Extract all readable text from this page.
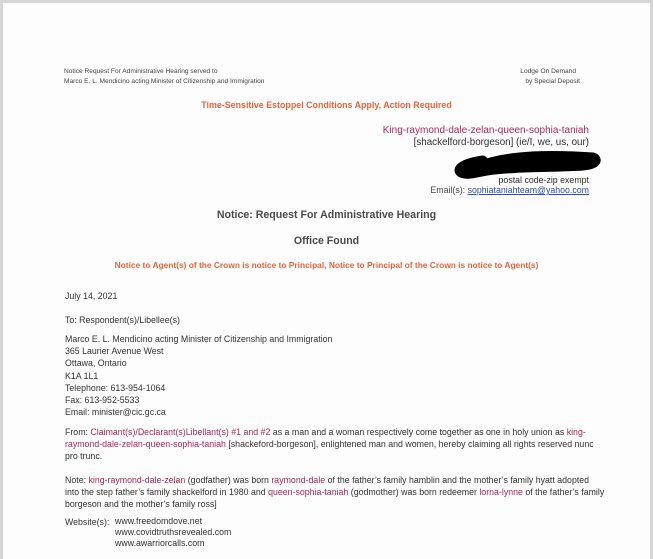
Notice Request For Administrative Hearing served to
Marco E. L. Mendicino acting Minister of Citizenship and Immigration
Lodge On Demand
by Special Deposit
Time-Sensitive Estoppel Conditions Apply, Action Required
King-raymond-dale-zelan-queen-sophia-taniah
[shackelford-borgeson] (ie/I, we, us, our)
postal code-zip exempt
Email(s): sophiataniahteam@yahoo.com
Notice: Request For Administrative Hearing
Office Found
Notice to Agent(s) of the Crown is notice to Principal, Notice to Principal of the Crown is notice to Agent(s)
July 14, 2021
To: Respondent(s)/Libellee(s)
Marco E. L. Mendicino acting Minister of Citizenship and Immigration
365 Laurier Avenue West
Ottawa, Ontario
K1A 1L1
Telephone: 613-954-1064
Fax: 613-952-5533
Email: minister@cic.gc.ca
From: Claimant(s)/Declarant(s)Libellant(s) #1 and #2 as a man and a woman respectively come together as one in holy union as king-raymond-dale-zelan-queen-sophia-taniah [shackeford-borgeson], enlightened man and women, hereby claiming all rights reserved nunc pro trunc.
Note: king-raymond-dale-zelan (godfather) was born raymond-dale of the father’s family hamblin and the mother’s family hyatt adopted into the step father’s family shackelford in 1980 and queen-sophia-taniah (godmother) was born redeemer lorna-lynne of the father’s family borgeson and the mother’s family ross]
Website(s): www.freedomdove.net
www.covidtruthsrevealed.com
www.awarriorcalls.com
